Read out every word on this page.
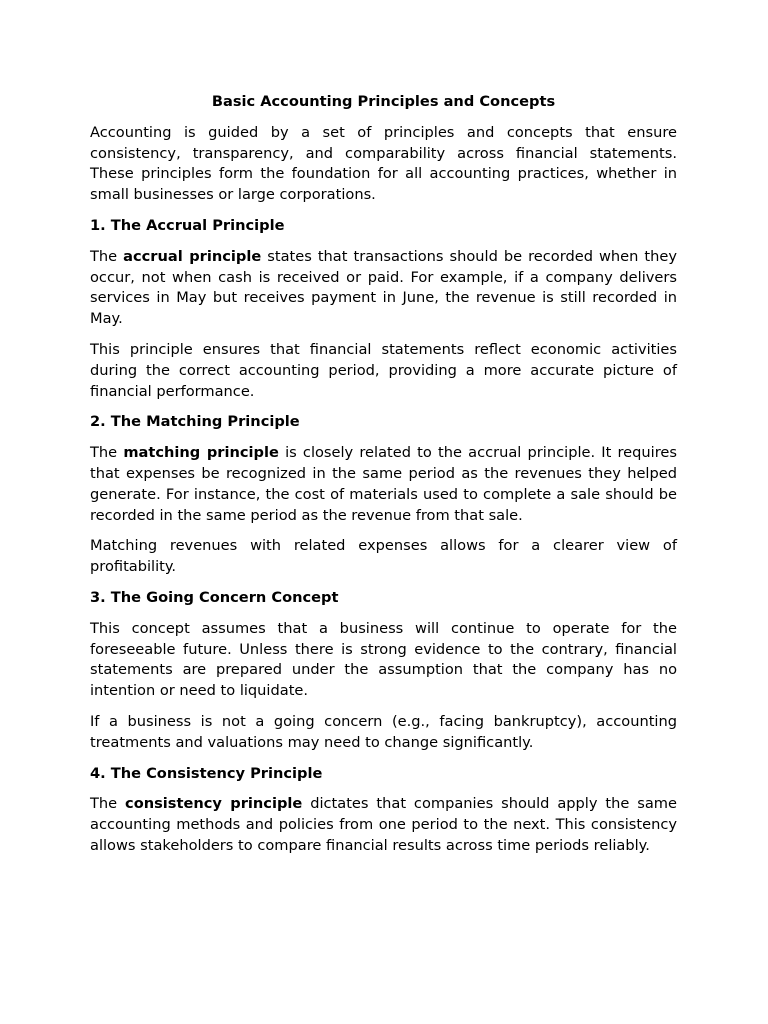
Basic Accounting Principles and Concepts

Accounting is guided by a set of principles and concepts that ensure consistency, transparency, and comparability across financial statements. These principles form the foundation for all accounting practices, whether in small businesses or large corporations.

1. The Accrual Principle

The accrual principle states that transactions should be recorded when they occur, not when cash is received or paid. For example, if a company delivers services in May but receives payment in June, the revenue is still recorded in May.

This principle ensures that financial statements reflect economic activities during the correct accounting period, providing a more accurate picture of financial performance.

2. The Matching Principle

The matching principle is closely related to the accrual principle. It requires that expenses be recognized in the same period as the revenues they helped generate. For instance, the cost of materials used to complete a sale should be recorded in the same period as the revenue from that sale.

Matching revenues with related expenses allows for a clearer view of profitability.

3. The Going Concern Concept

This concept assumes that a business will continue to operate for the foreseeable future. Unless there is strong evidence to the contrary, financial statements are prepared under the assumption that the company has no intention or need to liquidate.

If a business is not a going concern (e.g., facing bankruptcy), accounting treatments and valuations may need to change significantly.

4. The Consistency Principle

The consistency principle dictates that companies should apply the same accounting methods and policies from one period to the next. This consistency allows stakeholders to compare financial results across time periods reliably.
